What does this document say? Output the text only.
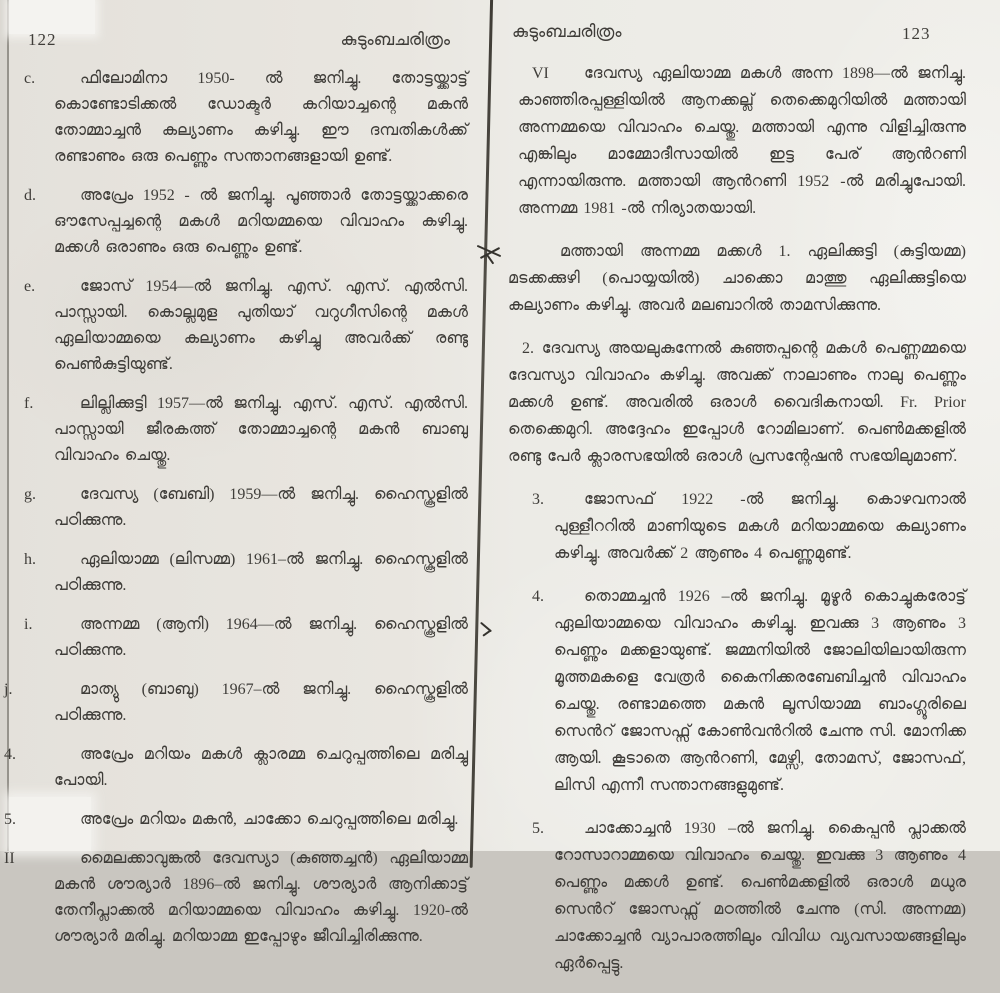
122	കുടുംബചരിത്രം	കുടുംബചരിത്രം	123
c.	ഫിലോമിനാ 1950- ൽ ജനിച്ചു. തോട്ടയ്ക്കാട്ട് കൊണ്ടോടിക്കൽ ഡോക്ടർ കറിയാച്ചന്റെ മകൻ തോമ്മാച്ചൻ കല്യാണം കഴിച്ചു. ഈ ദമ്പതികൾക്ക് രണ്ടാണും ഒരു പെണ്ണും സന്താനങ്ങളായി ഉണ്ട്.
d.	അപ്രേം 1952 - ൽ ജനിച്ചു. പൂഞ്ഞാർ തോട്ടയ്ക്കാക്കരെ ഔസേപ്പച്ചന്റെ മകൾ മറിയമ്മയെ വിവാഹം കഴിച്ചു. മക്കൾ ഒരാണും ഒരു പെണ്ണും ഉണ്ട്.
e.	ജോസ് 1954—ൽ ജനിച്ചു. എസ്. എസ്. എൽസി. പാസ്സായി. കൊല്ലമുള പുതിയാ് വറുഗീസിന്റെ മകൾ ഏലിയാമ്മയെ കല്യാണം കഴിച്ചു അവർക്ക് രണ്ടു പെൺകുട്ടിയുണ്ട്.
f.	ലില്ലിക്കുട്ടി 1957—ൽ ജനിച്ചു. എസ്. എസ്. എൽസി. പാസ്സായി ജീരകത്ത് തോമ്മാച്ചന്റെ മകൻ ബാബു വിവാഹം ചെയ്തു.
g.	ദേവസ്യ (ബേബി) 1959—ൽ ജനിച്ചു. ഹൈസ്കൂളിൽ പഠിക്കുന്നു.
h.	ഏലിയാമ്മ (ലിസമ്മ) 1961–ൽ ജനിച്ചു. ഹൈസ്കൂളിൽ പഠിക്കുന്നു.
i.	അന്നമ്മ (ആനി) 1964—ൽ ജനിച്ചു. ഹൈസ്കൂളിൽ പഠിക്കുന്നു.
j.	മാത്യു (ബാബു) 1967–ൽ ജനിച്ചു. ഹൈസ്കൂളിൽ പഠിക്കുന്നു.
4.	അപ്രേം മറിയം മകൾ ക്ലാരമ്മ ചെറുപ്പത്തിലെ മരിച്ചു പോയി.
5.	അപ്രേം മറിയം മകൻ, ചാക്കോ ചെറുപ്പത്തിലെ മരിച്ചു.
II	മൈലക്കാവുങ്കൽ ദേവസ്യാ (കുഞ്ഞച്ചൻ) ഏലിയാമ്മ മകൻ ശൗര്യാർ 1896–ൽ ജനിച്ചു. ശൗര്യാർ ആനിക്കാട്ട് തേനീപ്ലാക്കൽ മറിയാമ്മയെ വിവാഹം കഴിച്ചു. 1920-ൽ ശൗര്യാർ മരിച്ചു. മറിയാമ്മ ഇപ്പോഴും ജീവിച്ചിരിക്കുന്നു.
VI ദേവസ്യ ഏലിയാമ്മ മകൾ അന്ന 1898—ൽ ജനിച്ചു. കാഞ്ഞിരപ്പള്ളിയിൽ ആനക്കല്ല് തെക്കെമുറിയിൽ മത്തായി അന്നമ്മയെ വിവാഹം ചെയ്തു. മത്തായി എന്നു വിളിച്ചിരുന്നു എങ്കിലും മാമ്മോദീസായിൽ ഇട്ട പേര് ആൻറണി എന്നായിരുന്നു. മത്തായി ആൻറണി 1952 -ൽ മരിച്ചുപോയി. അന്നമ്മ 1981 -ൽ നിര്യാതയായി.
മത്തായി അന്നമ്മ മക്കൾ 1. ഏലിക്കുട്ടി (കുട്ടിയമ്മ) മടക്കക്കുഴി (പൊയ്യയിൽ) ചാക്കൊ മാത്തു ഏലിക്കുട്ടിയെ കല്യാണം കഴിച്ചു. അവർ മലബാറിൽ താമസിക്കുന്നു.
2. ദേവസ്യ അയലുകുന്നേൽ കുഞ്ഞപ്പന്റെ മകൾ പെണ്ണമ്മയെ ദേവസ്യാ വിവാഹം കഴിച്ചു. അവക്ക് നാലാണും നാലു പെണ്ണും മക്കൾ ഉണ്ട്. അവരിൽ ഒരാൾ വൈദികനായി. Fr. Prior തെക്കെമുറി. അദ്ദേഹം ഇപ്പോൾ റോമിലാണ്. പെൺമക്കളിൽ രണ്ടു പേർ ക്ലാരസഭയിൽ ഒരാൾ പ്രസന്റേഷൻ സഭയിലുമാണ്.
3.	ജോസഫ് 1922 -ൽ ജനിച്ചു. കൊഴവനാൽ പുള്ളീററിൽ മാണിയുടെ മകൾ മറിയാമ്മയെ കല്യാണം കഴിച്ചു. അവർക്ക് 2 ആണും 4 പെണ്ണുമുണ്ട്.
4.	തൊമ്മച്ചൻ 1926 –ൽ ജനിച്ചു. മൂഴൂർ കൊച്ചുകരോട്ട് ഏലിയാമ്മയെ വിവാഹം കഴിച്ചു. ഇവക്കു 3 ആണും 3 പെണ്ണും മക്കളായുണ്ട്. ജമ്മനിയിൽ ജോലിയിലായിരുന്ന മൂത്തമകളെ വേത്രർ കൈനിക്കരബേബിച്ചൻ വിവാഹം ചെയ്തു. രണ്ടാമത്തെ മകൻ ലൂസിയാമ്മ ബാംഗ്ലൂരിലെ സെൻറ് ജോസഫ്സ് കോൺവൻറിൽ ചേന്നു സി. മോനിക്ക ആയി. കൂടാതെ ആൻറണി, മേഴ്സി, തോമസ്, ജോസഫ്, ലിസി എന്നീ സന്താനങ്ങളുമുണ്ട്.
5.	ചാക്കോച്ചൻ 1930 –ൽ ജനിച്ചു. കൈപ്പൻ പ്ലാക്കൽ റോസാറാമ്മയെ വിവാഹം ചെയ്തു. ഇവക്കു 3 ആണും 4 പെണ്ണും മക്കൾ ഉണ്ട്. പെൺമക്കളിൽ ഒരാൾ മധുര സെൻറ് ജോസഫ്സ് മഠത്തിൽ ചേന്നു (സി. അന്നമ്മ) ചാക്കോച്ചൻ വ്യാപാരത്തിലും വിവിധ വ്യവസായങ്ങളിലും ഏർപ്പെട്ടു.
